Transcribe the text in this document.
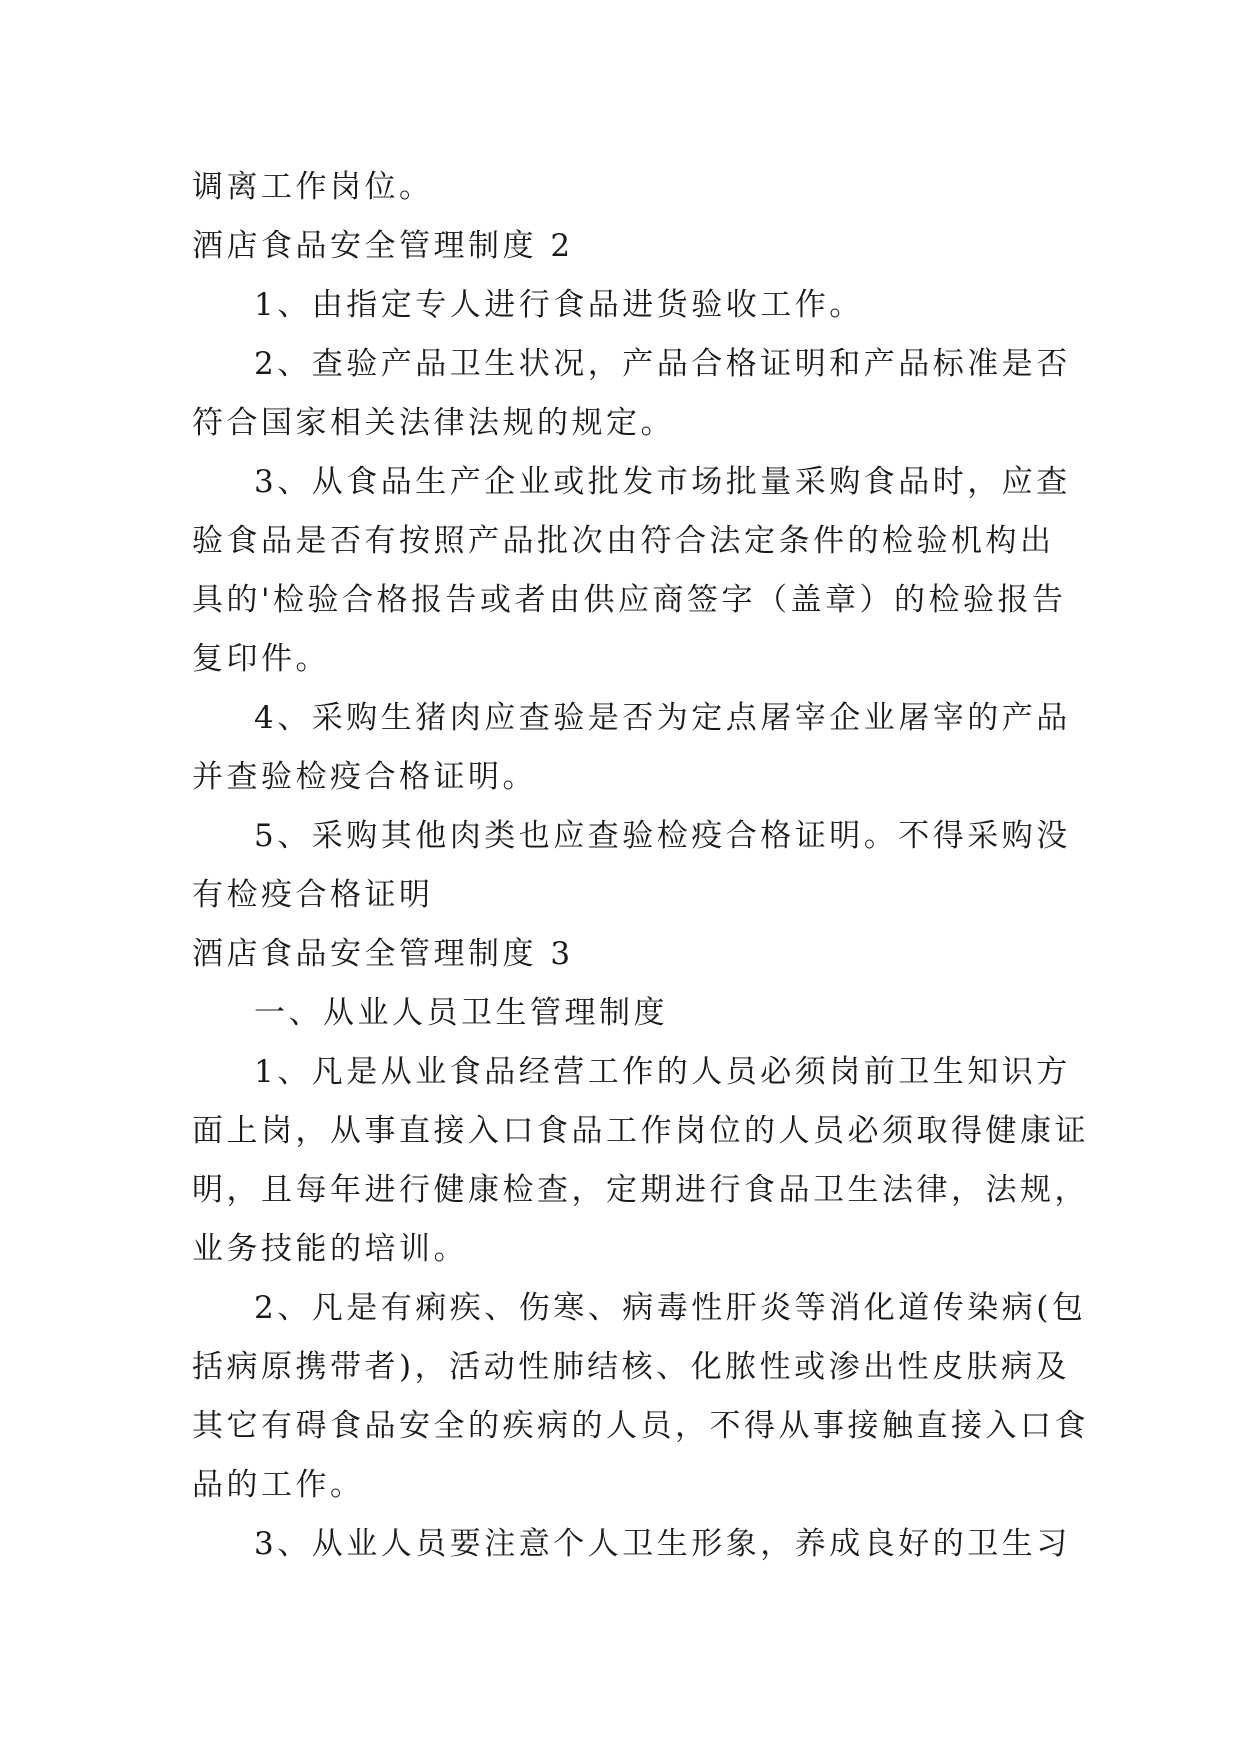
调离工作岗位。

酒店食品安全管理制度 2

1、由指定专人进行食品进货验收工作。

2、查验产品卫生状况，产品合格证明和产品标准是否

符合国家相关法律法规的规定。

3、从食品生产企业或批发市场批量采购食品时，应查

验食品是否有按照产品批次由符合法定条件的检验机构出

具的'检验合格报告或者由供应商签字（盖章）的检验报告

复印件。

4、采购生猪肉应查验是否为定点屠宰企业屠宰的产品

并查验检疫合格证明。

5、采购其他肉类也应查验检疫合格证明。不得采购没

有检疫合格证明

酒店食品安全管理制度 3

一、从业人员卫生管理制度

1、凡是从业食品经营工作的人员必须岗前卫生知识方

面上岗，从事直接入口食品工作岗位的人员必须取得健康证

明，且每年进行健康检查，定期进行食品卫生法律，法规，

业务技能的培训。

2、凡是有痢疾、伤寒、病毒性肝炎等消化道传染病(包

括病原携带者)，活动性肺结核、化脓性或渗出性皮肤病及

其它有碍食品安全的疾病的人员，不得从事接触直接入口食

品的工作。

3、从业人员要注意个人卫生形象，养成良好的卫生习
